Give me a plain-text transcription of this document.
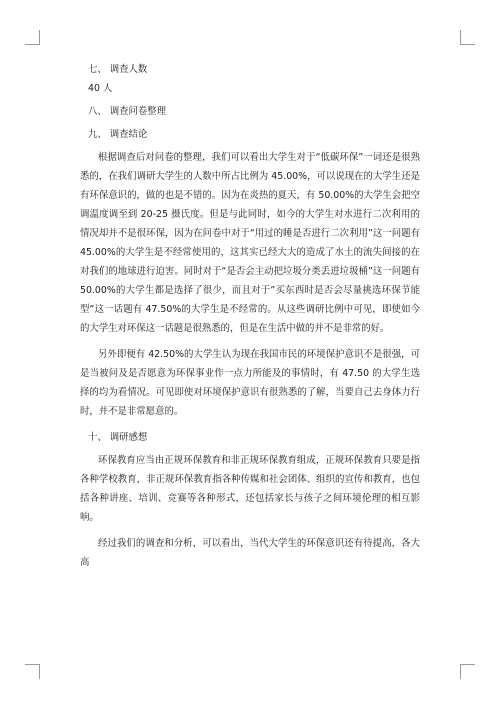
七、 调查人数

40 人

八、 调查问卷整理

九、 调查结论

根据调查后对问卷的整理，我们可以看出大学生对于“低碳环保”一词还是很熟悉的，在我们调研大学生的人数中所占比例为 45.00%，可以说现在的大学生还是有环保意识的，做的也是不错的。因为在炎热的夏天，有 50.00%的大学生会把空调温度调至到 20-25 摄氏度。但是与此同时，如今的大学生对水进行二次利用的情况却并不是很环保，因为在问卷中对于“用过的睡是否进行二次利用”这一问题有 45.00%的大学生是不经常使用的，这其实已经大大的造成了水土的流失间接的在对我们的地球进行迫害。同时对于“是否会主动把垃圾分类丢进垃圾桶”这一问题有 50.00%的大学生都是选择了很少，而且对于”买东西时是否会尽量挑选环保节能型”这一话题有 47.50%的大学生是不经常的。从这些调研比例中可见，即使如今的大学生对环保这一话题是很熟悉的，但是在生活中做的并不是非常的好。

另外即便有 42.50%的大学生认为现在我国市民的环境保护意识不是很强，可是当被问及是否愿意为环保事业作一点力所能及的事情时，有 47.50 的大学生选择的均为看情况。可见即使对环境保护意识有很熟悉的了解，当要自己去身体力行时，并不是非常愿意的。

十、 调研感想

环保教育应当由正规环保教育和非正规环保教育组成，正规环保教育只要是指各种学校教育，非正规环保教育指各种传媒和社会团体、组织的宣传和教育，也包括各种讲座、培训、竞赛等各种形式，还包括家长与孩子之间环境伦理的相互影响。

经过我们的调查和分析，可以看出，当代大学生的环保意识还有待提高，各大高
